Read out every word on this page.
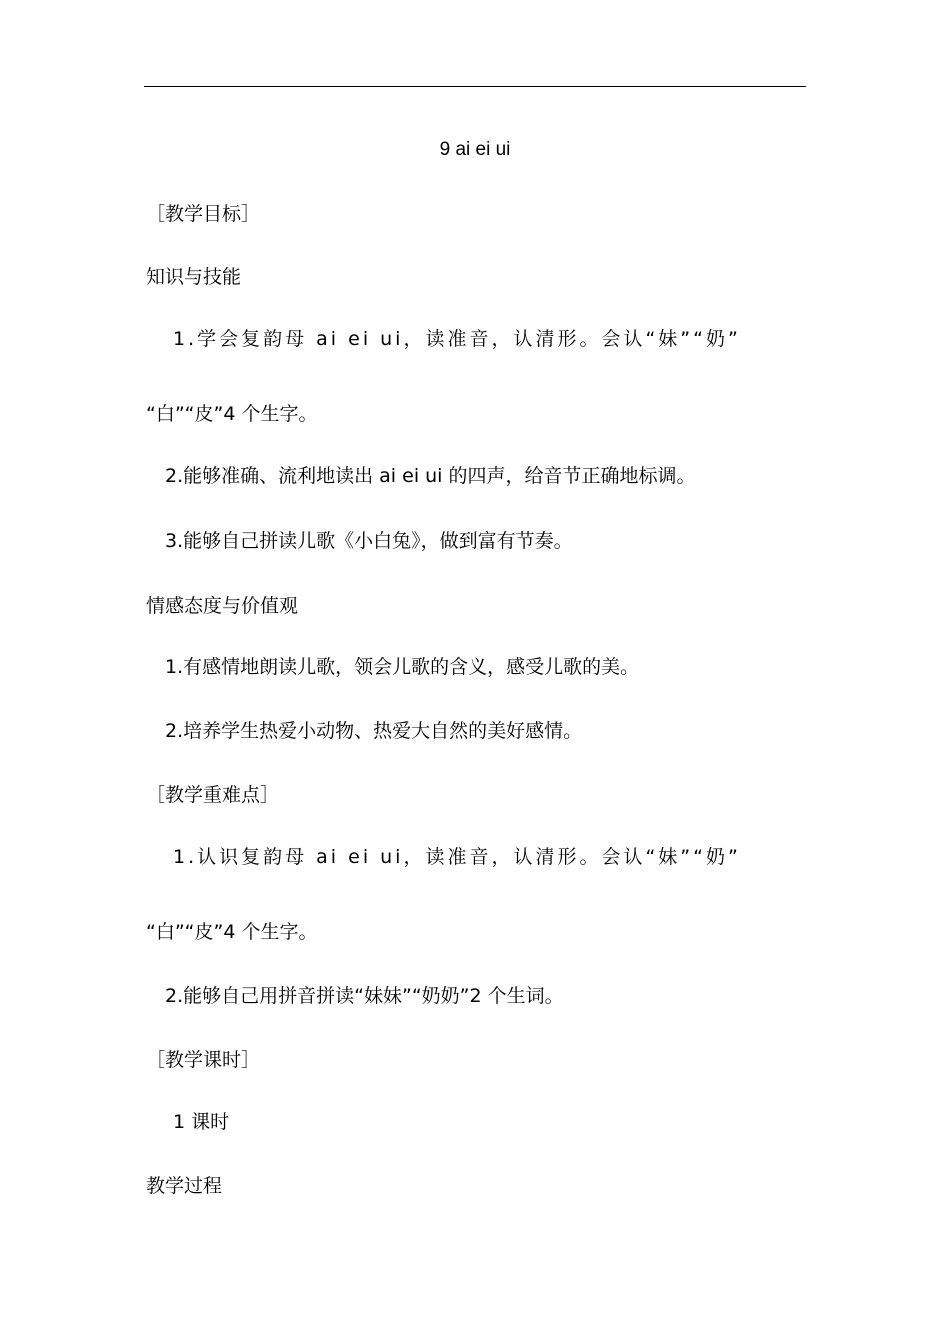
9 ai ei ui
［教学目标］
知识与技能
1.学会复韵母 ai ei ui，读准音，认清形。会认“妹”“奶”
“白”“皮”4 个生字。
2.能够准确、流利地读出 ai ei ui 的四声，给音节正确地标调。
3.能够自己拼读儿歌《小白兔》，做到富有节奏。
情感态度与价值观
1.有感情地朗读儿歌，领会儿歌的含义，感受儿歌的美。
2.培养学生热爱小动物、热爱大自然的美好感情。
［教学重难点］
1.认识复韵母 ai ei ui，读准音，认清形。会认“妹”“奶”
“白”“皮”4 个生字。
2.能够自己用拼音拼读“妹妹”“奶奶”2 个生词。
［教学课时］
1 课时
教学过程
